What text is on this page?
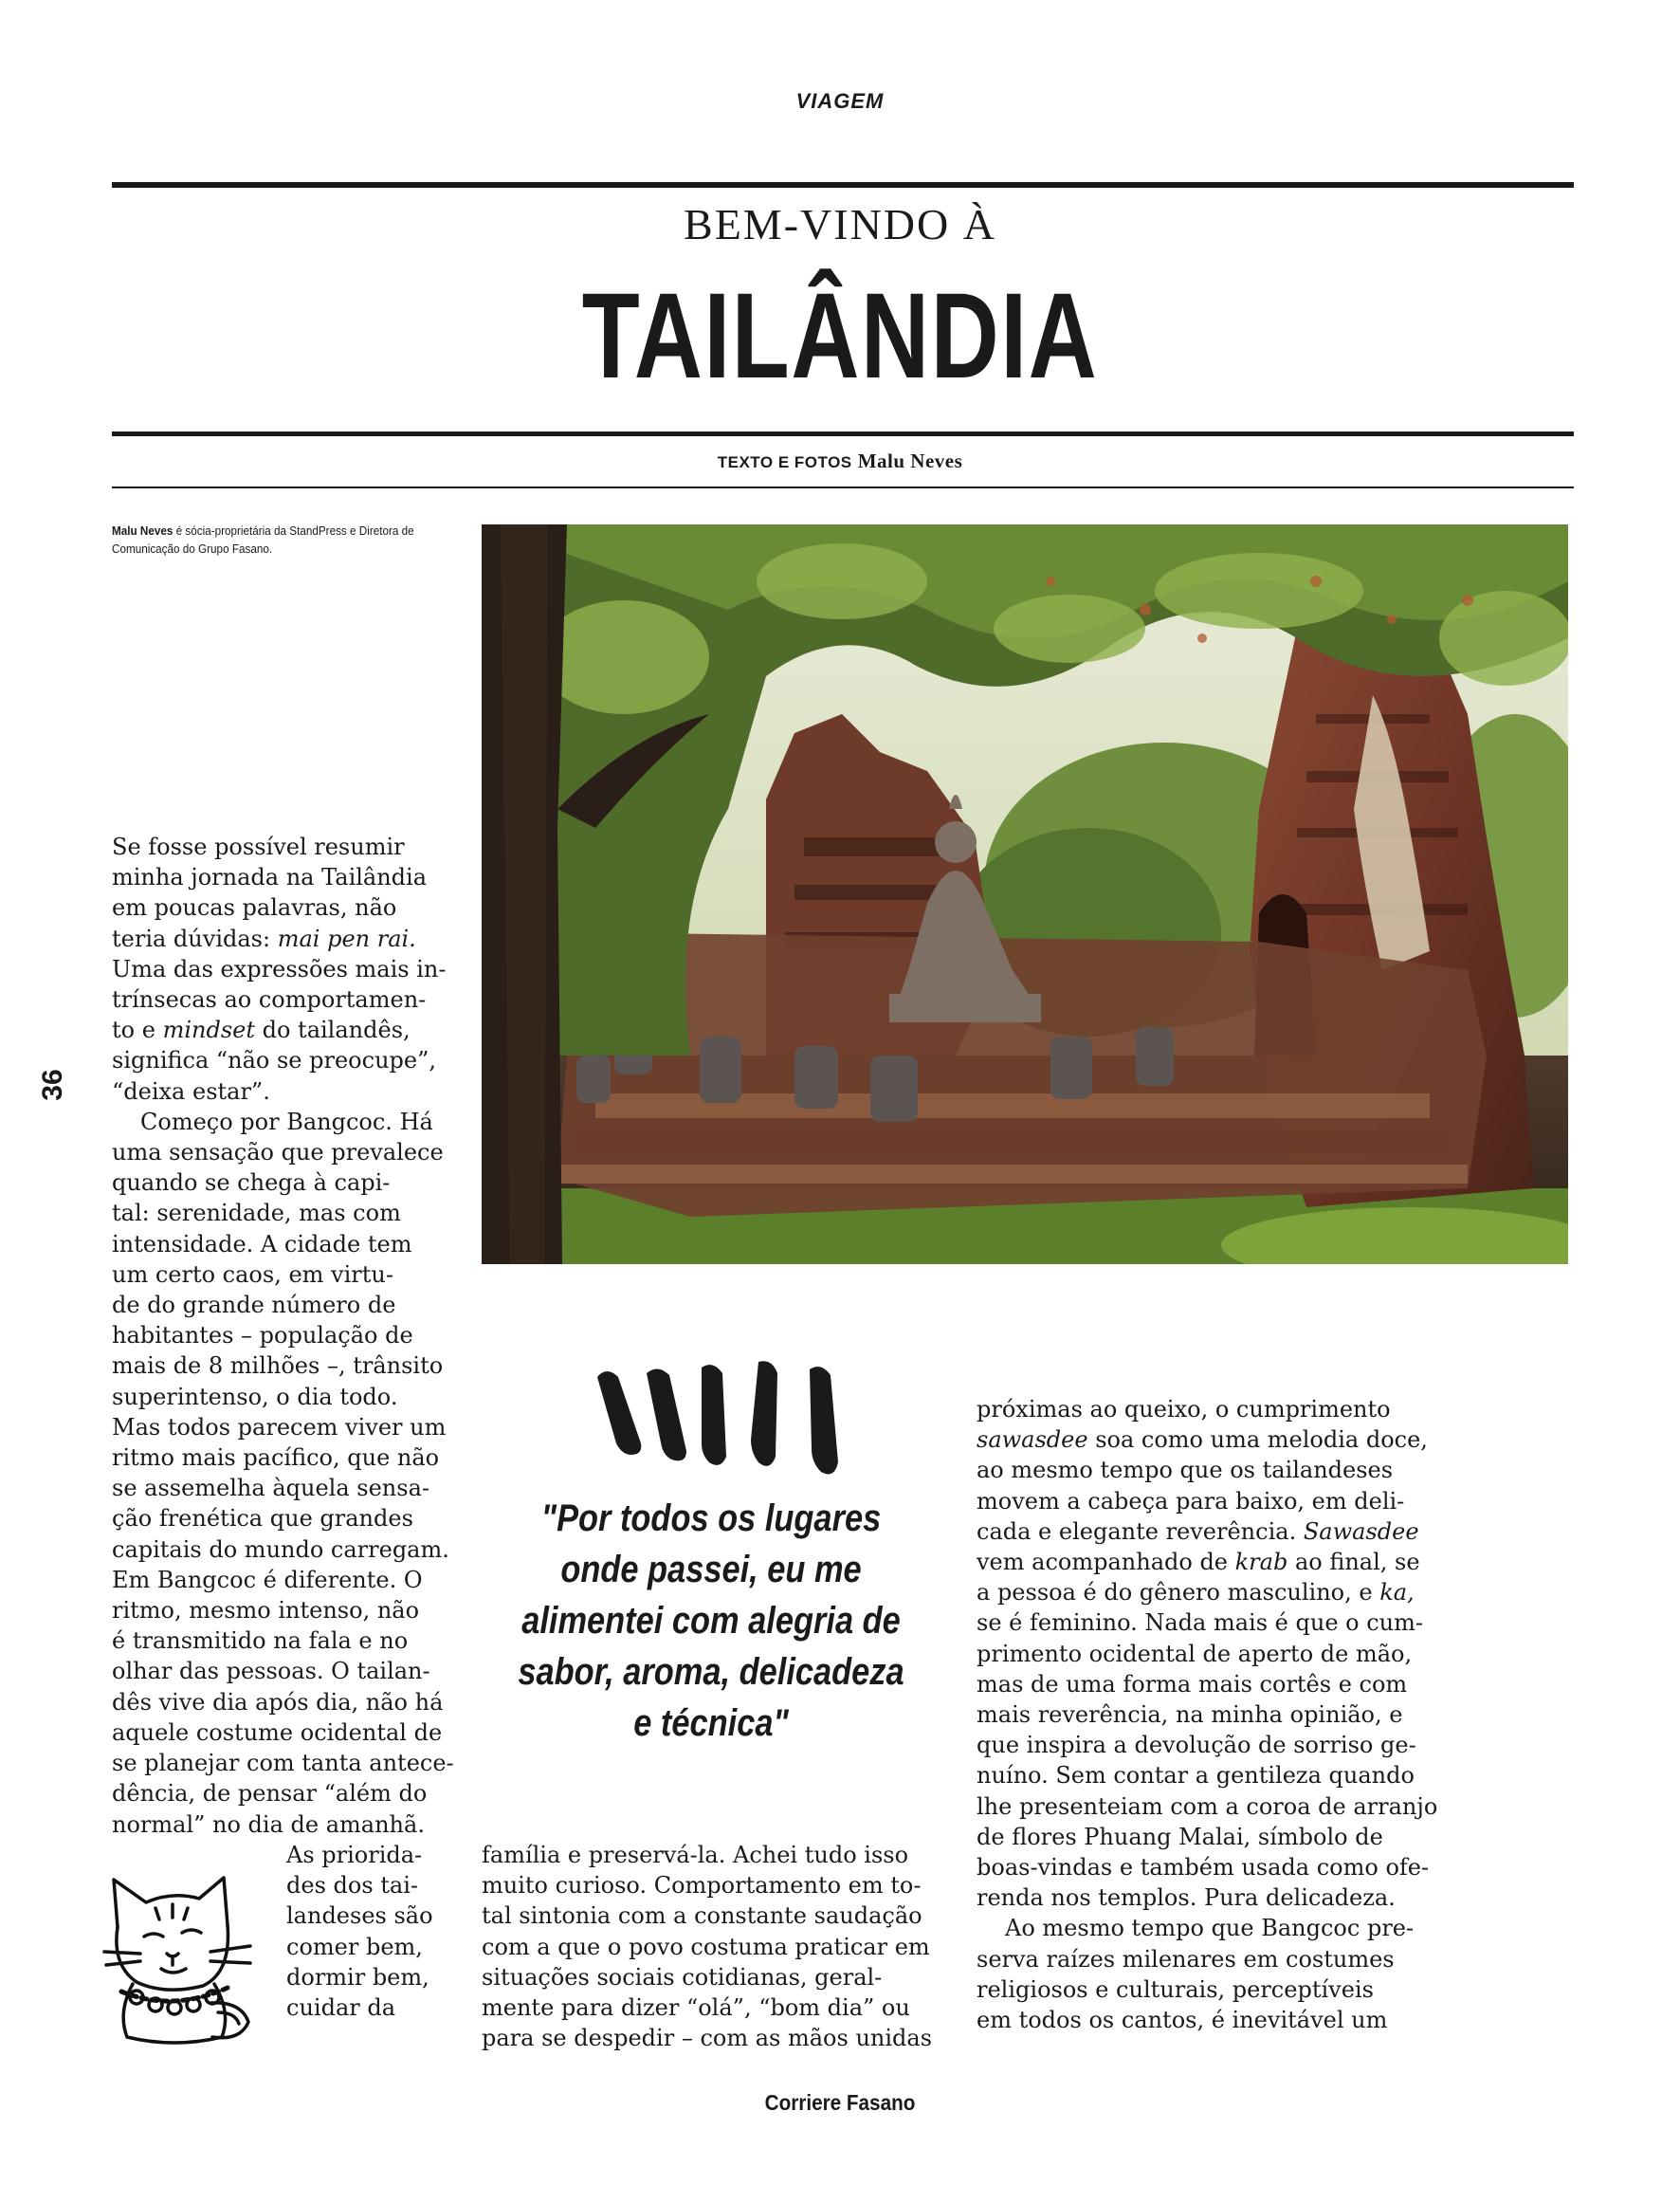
VIAGEM
BEM-VINDO À
TAILÂNDIA
TEXTO E FOTOS Malu Neves
Malu Neves é sócia-proprietária da StandPress e Diretora de Comunicação do Grupo Fasano.
36

Se fosse possível resumir

minha jornada na Tailândia

em poucas palavras, não

teria dúvidas: mai pen rai.

Uma das expressões mais in-

trínsecas ao comportamen-

to e mindset do tailandês,

significa “não se preocupe”,

“deixa estar”.

Começo por Bangcoc. Há

uma sensação que prevalece

quando se chega à capi-

tal: serenidade, mas com

intensidade. A cidade tem

um certo caos, em virtu-

de do grande número de

habitantes – população de

mais de 8 milhões –, trânsito

superintenso, o dia todo.

Mas todos parecem viver um

ritmo mais pacífico, que não

se assemelha àquela sensa-

ção frenética que grandes

capitais do mundo carregam.

Em Bangcoc é diferente. O

ritmo, mesmo intenso, não

é transmitido na fala e no

olhar das pessoas. O tailan-

dês vive dia após dia, não há

aquele costume ocidental de

se planejar com tanta antece-

dência, de pensar “além do

normal” no dia de amanhã.

As priorida-

des dos tai-

landeses são

comer bem,

dormir bem,

cuidar da

"Por todos os lugares onde passei, eu me alimentei com alegria de sabor, aroma, delicadeza e técnica"

família e preservá-la. Achei tudo isso

muito curioso. Comportamento em to-

tal sintonia com a constante saudação

com a que o povo costuma praticar em

situações sociais cotidianas, geral-

mente para dizer “olá”, “bom dia” ou

para se despedir – com as mãos unidas

próximas ao queixo, o cumprimento

sawasdee soa como uma melodia doce,

ao mesmo tempo que os tailandeses

movem a cabeça para baixo, em deli-

cada e elegante reverência. Sawasdee

vem acompanhado de krab ao final, se

a pessoa é do gênero masculino, e ka,

se é feminino. Nada mais é que o cum-

primento ocidental de aperto de mão,

mas de uma forma mais cortês e com

mais reverência, na minha opinião, e

que inspira a devolução de sorriso ge-

nuíno. Sem contar a gentileza quando

lhe presenteiam com a coroa de arranjo

de flores Phuang Malai, símbolo de

boas-vindas e também usada como ofe-

renda nos templos. Pura delicadeza.

Ao mesmo tempo que Bangcoc pre-

serva raízes milenares em costumes

religiosos e culturais, perceptíveis

em todos os cantos, é inevitável um

Corriere Fasano
